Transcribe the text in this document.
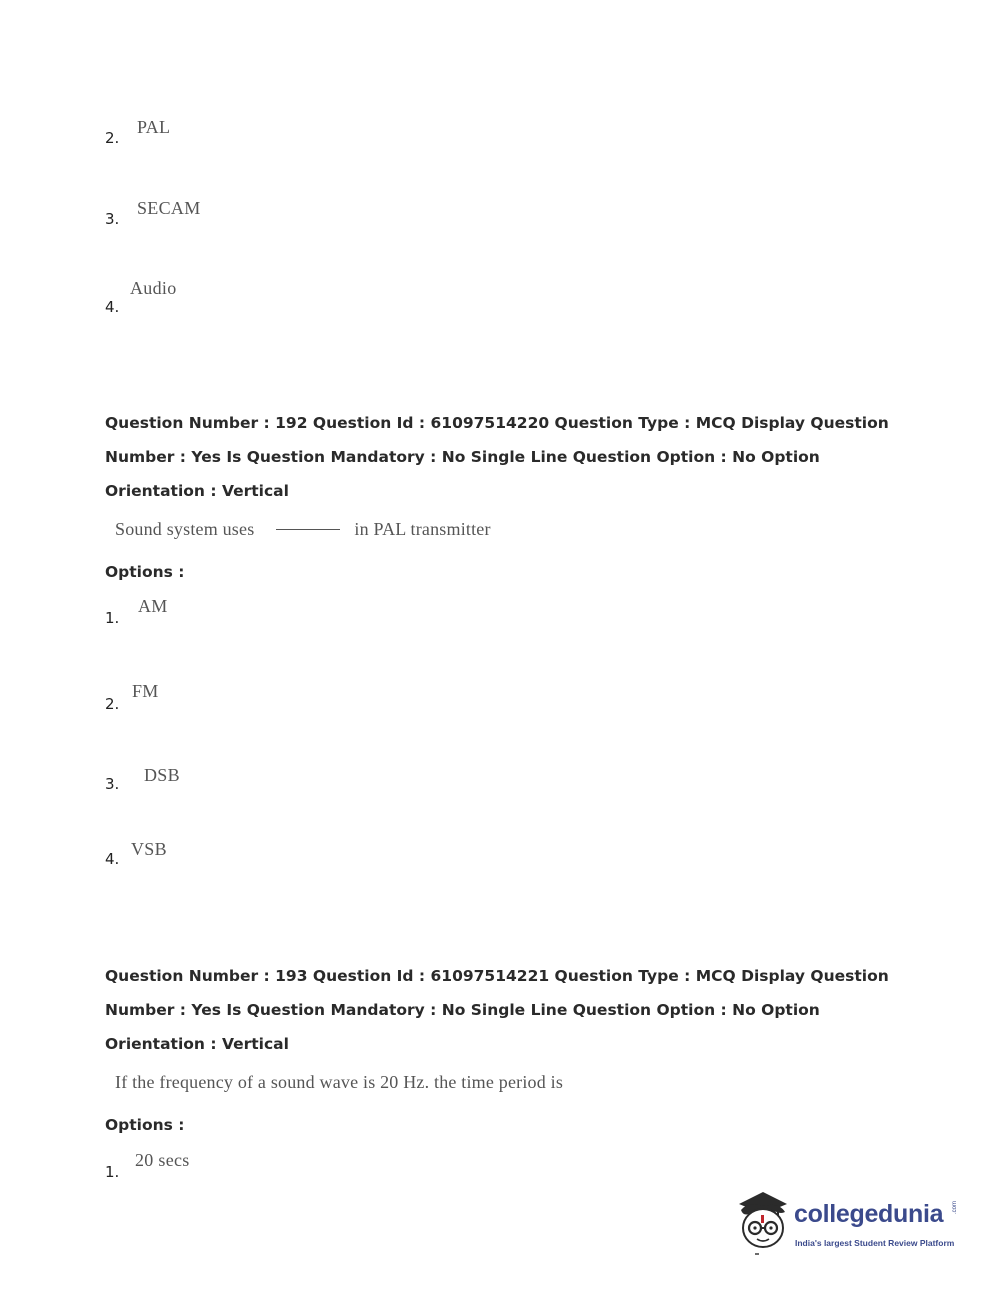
2.
PAL
3.
SECAM
4.
Audio
Question Number : 192 Question Id : 61097514220 Question Type : MCQ Display Question
Number : Yes Is Question Mandatory : No Single Line Question Option : No Option
Orientation : Vertical
Sound system uses	in PAL transmitter
Options :
1.
AM
2.
FM
3. DSB
4. VSB
Question Number : 193 Question Id : 61097514221 Question Type : MCQ Display Question
Number : Yes Is Question Mandatory : No Single Line Question Option : No Option
Orientation : Vertical
If the frequency of a sound wave is 20 Hz. the time period is
Options :
1.
20 secs
collegedunia .com
India's largest Student Review Platform
